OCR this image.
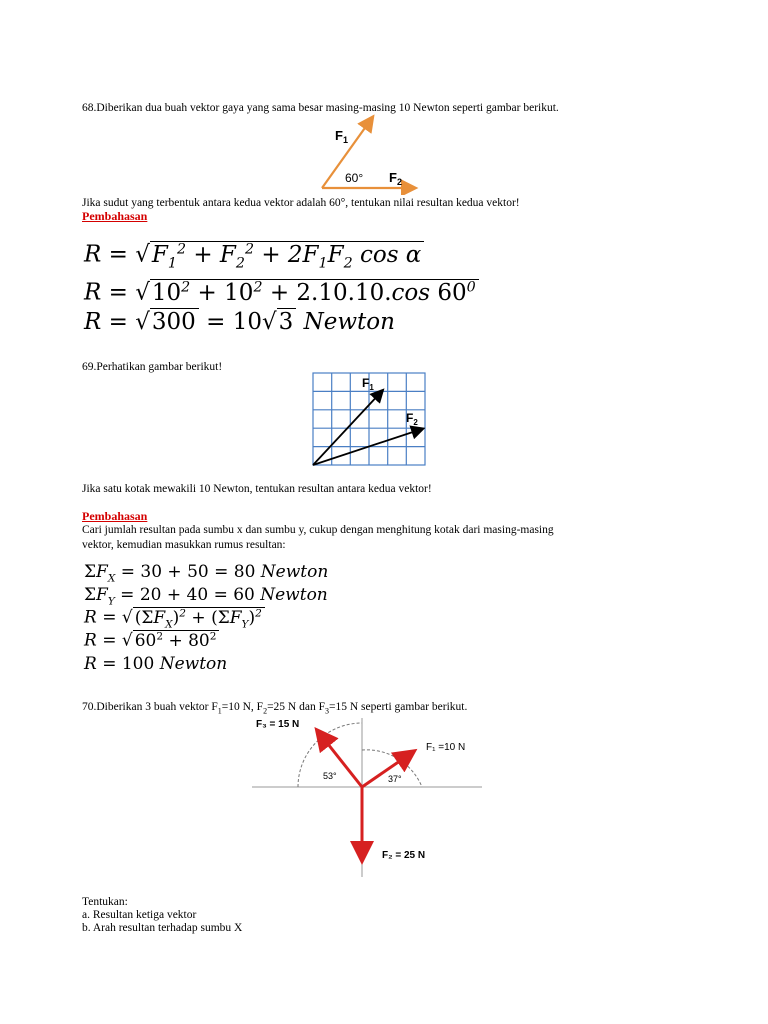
68.Diberikan dua buah vektor gaya yang sama besar masing-masing 10 Newton seperti gambar berikut.
$F_1$
$F_2$
60°
Jika sudut yang terbentuk antara kedua vektor adalah 60°, tentukan nilai resultan kedua vektor!
Pembahasan
$R = √F_1^2 + F_2^2 + 2F_1F_2$ cos α
$R = √10^2 + 10^2 + 2.10.10.\cos$ $60^0$
R = √300 = 10√3 Newton
69.Perhatikan gambar berikut!
$F_1$
$F_2$
Jika satu kotak mewakili 10 Newton, tentukan resultan antara kedua vektor!
Pembahasan
Cari jumlah resultan pada sumbu x dan sumbu y, cukup dengan menghitung kotak dari masing-masing
vektor, kemudian masukkan rumus resultan:
$\Sigma F_X = 30 + 50 = 80$ Newton
$\Sigma F_Y = 20 + 40 = 60$ Newton
R = √ $(\Sigma F_X)^2 + (\Sigma F_Y)^2$
R = √ $60^2 + 80^2$
R = 100 Newton
70.Diberikan 3 buah vektor $F_1=10$ N, $F_2=25$ N dan $F_3=15$ N seperti gambar berikut.
F₃ = 15 N
F₁ =10 N
F₂ = 25 N
53°	37°
Tentukan:
a. Resultan ketiga vektor
b. Arah resultan terhadap sumbu X
